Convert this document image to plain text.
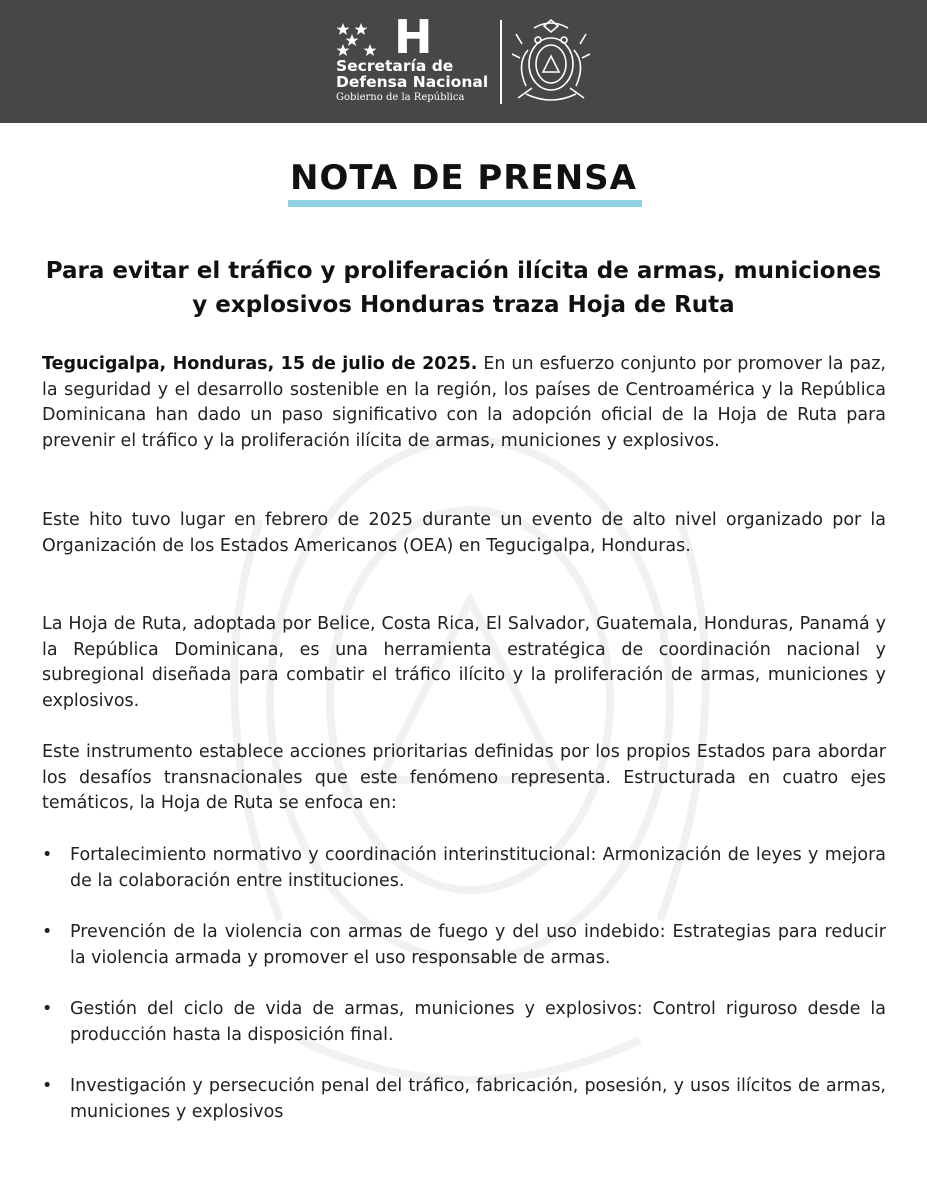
H
Secretaría de
Defensa Nacional
Gobierno de la República
NOTA DE PRENSA
Para evitar el tráfico y proliferación ilícita de armas, municiones y explosivos Honduras traza Hoja de Ruta
Tegucigalpa, Honduras, 15 de julio de 2025. En un esfuerzo conjunto por promover la paz, la seguridad y el desarrollo sostenible en la región, los países de Centroamérica y la República Dominicana han dado un paso significativo con la adopción oficial de la Hoja de Ruta para prevenir el tráfico y la proliferación ilícita de armas, municiones y explosivos.
Este hito tuvo lugar en febrero de 2025 durante un evento de alto nivel organizado por la Organización de los Estados Americanos (OEA) en Tegucigalpa, Honduras.
La Hoja de Ruta, adoptada por Belice, Costa Rica, El Salvador, Guatemala, Honduras, Panamá y la República Dominicana, es una herramienta estratégica de coordinación nacional y subregional diseñada para combatir el tráfico ilícito y la proliferación de armas, municiones y explosivos.
Este instrumento establece acciones prioritarias definidas por los propios Estados para abordar los desafíos transnacionales que este fenómeno representa. Estructurada en cuatro ejes temáticos, la Hoja de Ruta se enfoca en:
• Fortalecimiento normativo y coordinación interinstitucional: Armonización de leyes y mejora de la colaboración entre instituciones.
• Prevención de la violencia con armas de fuego y del uso indebido: Estrategias para reducir la violencia armada y promover el uso responsable de armas.
• Gestión del ciclo de vida de armas, municiones y explosivos: Control riguroso desde la producción hasta la disposición final.
• Investigación y persecución penal del tráfico, fabricación, posesión, y usos ilícitos de armas, municiones y explosivos
